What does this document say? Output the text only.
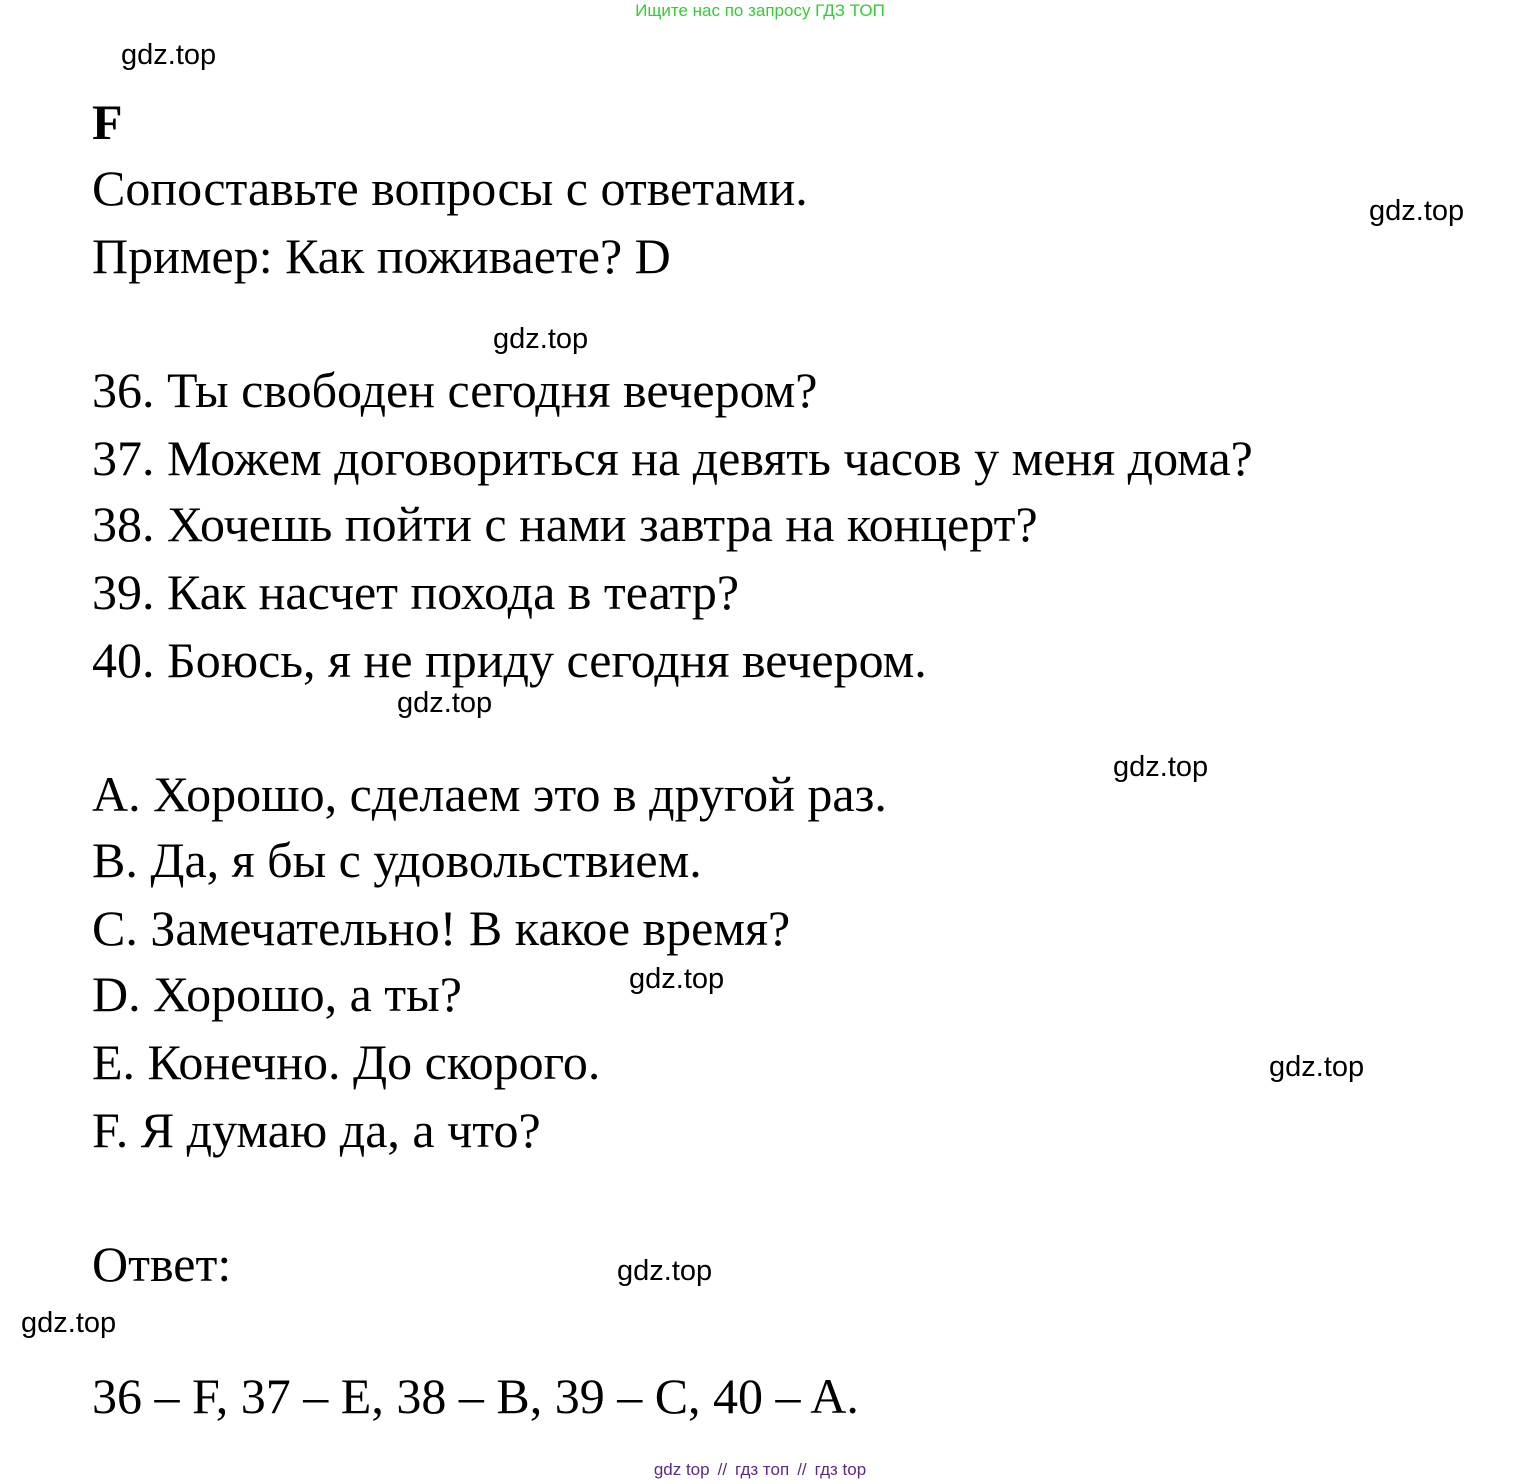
Ищите нас по запросу ГДЗ ТОП
gdz.top
gdz.top
gdz.top
gdz.top
gdz.top
gdz.top
gdz.top
gdz.top
gdz.top
F
Сопоставьте вопросы с ответами.
Пример: Как поживаете? D
36. Ты свободен сегодня вечером?
37. Можем договориться на девять часов у меня дома?
38. Хочешь пойти с нами завтра на концерт?
39. Как насчет похода в театр?
40. Боюсь, я не приду сегодня вечером.
A. Хорошо, сделаем это в другой раз.
B. Да, я бы с удовольствием.
C. Замечательно! В какое время?
D. Хорошо, а ты?
E. Конечно. До скорого.
F. Я думаю да, а что?
Ответ:
36 – F, 37 – E, 38 – B, 39 – C, 40 – A.
gdz top // гдз топ // гдз top
